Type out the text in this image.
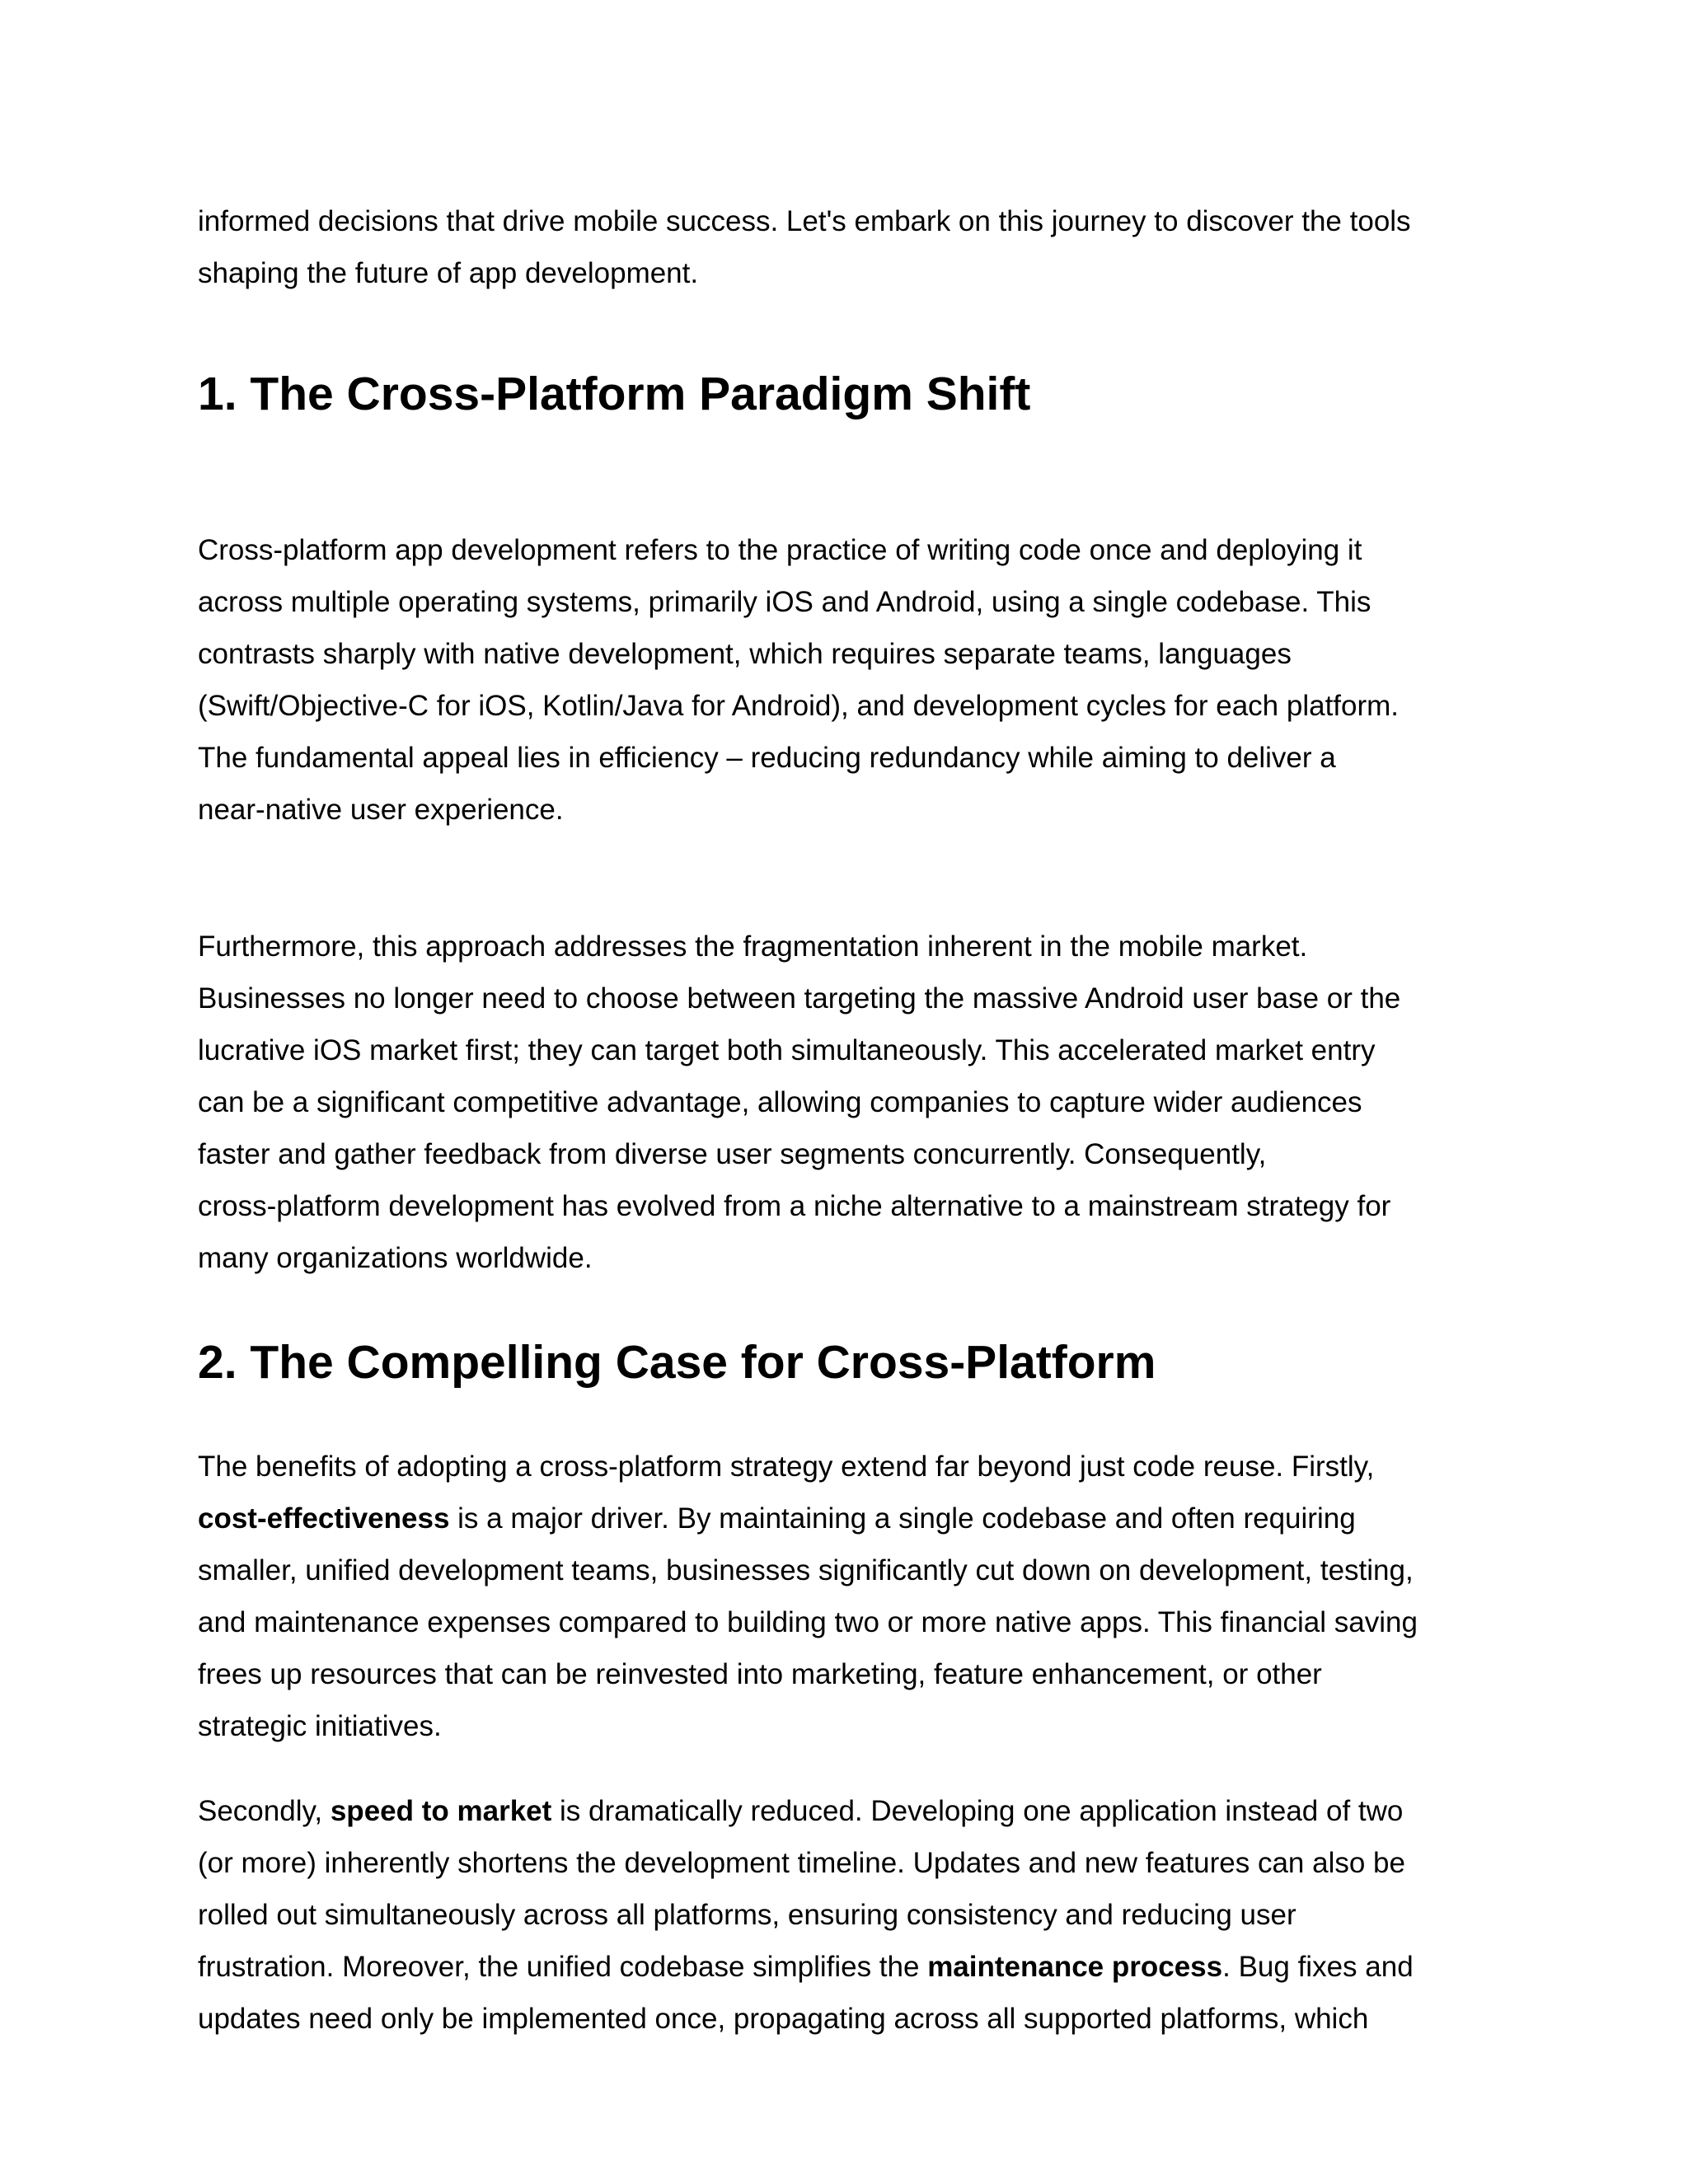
informed decisions that drive mobile success. Let's embark on this journey to discover the tools
shaping the future of app development.

1. The Cross-Platform Paradigm Shift

Cross-platform app development refers to the practice of writing code once and deploying it
across multiple operating systems, primarily iOS and Android, using a single codebase. This
contrasts sharply with native development, which requires separate teams, languages
(Swift/Objective-C for iOS, Kotlin/Java for Android), and development cycles for each platform.
The fundamental appeal lies in efficiency – reducing redundancy while aiming to deliver a
near-native user experience.

Furthermore, this approach addresses the fragmentation inherent in the mobile market.
Businesses no longer need to choose between targeting the massive Android user base or the
lucrative iOS market first; they can target both simultaneously. This accelerated market entry
can be a significant competitive advantage, allowing companies to capture wider audiences
faster and gather feedback from diverse user segments concurrently. Consequently,
cross-platform development has evolved from a niche alternative to a mainstream strategy for
many organizations worldwide.

2. The Compelling Case for Cross-Platform

The benefits of adopting a cross-platform strategy extend far beyond just code reuse. Firstly,
cost-effectiveness is a major driver. By maintaining a single codebase and often requiring
smaller, unified development teams, businesses significantly cut down on development, testing,
and maintenance expenses compared to building two or more native apps. This financial saving
frees up resources that can be reinvested into marketing, feature enhancement, or other
strategic initiatives.

Secondly, speed to market is dramatically reduced. Developing one application instead of two
(or more) inherently shortens the development timeline. Updates and new features can also be
rolled out simultaneously across all platforms, ensuring consistency and reducing user
frustration. Moreover, the unified codebase simplifies the maintenance process. Bug fixes and
updates need only be implemented once, propagating across all supported platforms, which
